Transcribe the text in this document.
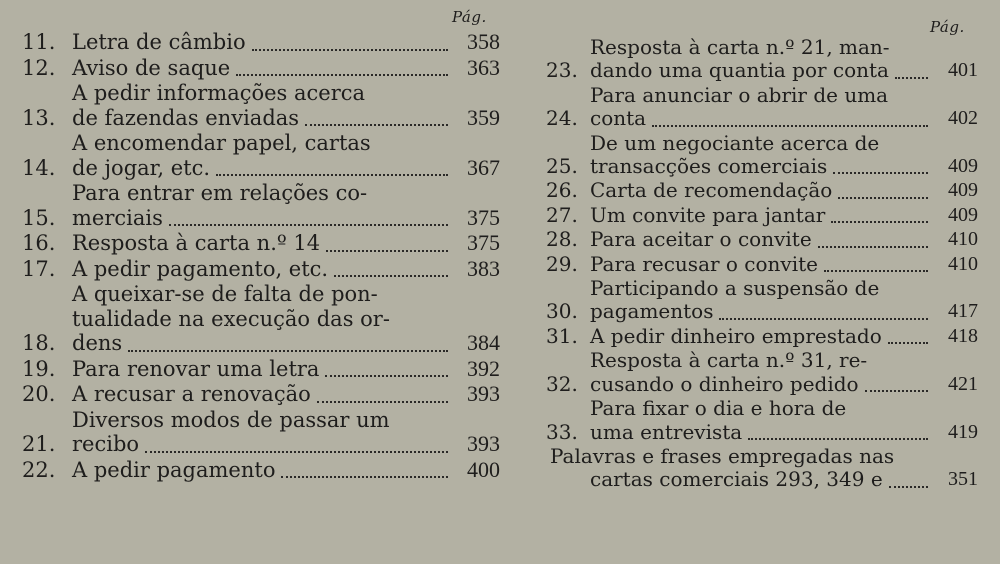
Pág.
11. Letra de câmbio	358
12. Aviso de saque	363
13.
A pedir informações acerca
de fazendas enviadas	359
14.
A encomendar papel, cartas
de jogar, etc.	367
15.
Para entrar em relações co-
merciais	375
16. Resposta à carta n.º 14	375
17. A pedir pagamento, etc.	383
18.
A queixar-se de falta de pon-
tualidade na execução das or-
dens	384
19. Para renovar uma letra	392
20. A recusar a renovação	393
21.
Diversos modos de passar um
recibo	393
22. A pedir pagamento	400
Pág.
23.
Resposta à carta n.º 21, man-
dando uma quantia por conta	401
24.
Para anunciar o abrir de uma
conta	402
25.
De um negociante acerca de
transacções comerciais	409
26. Carta de recomendação	409
27. Um convite para jantar	409
28. Para aceitar o convite	410
29. Para recusar o convite	410
30.
Participando a suspensão de
pagamentos	417
31. A pedir dinheiro emprestado	418
32.
Resposta à carta n.º 31, re-
cusando o dinheiro pedido	421
33.
Para fixar o dia e hora de
uma entrevista	419
Palavras e frases empregadas nas
cartas comerciais 293, 349 e	351
